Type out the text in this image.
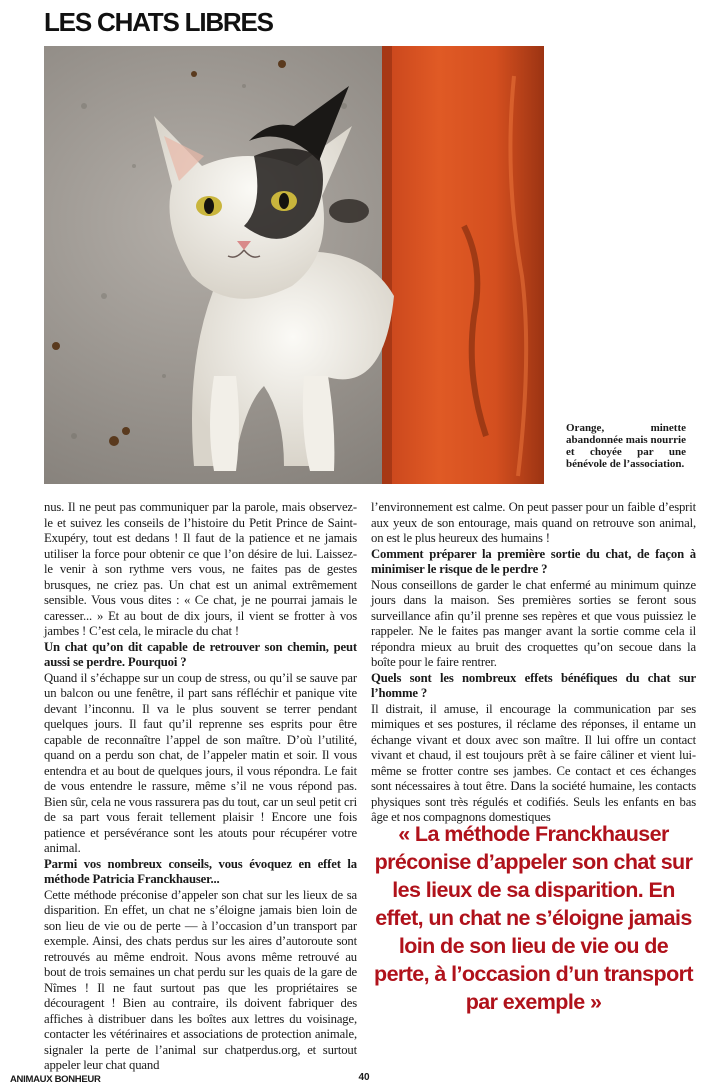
LES CHATS LIBRES

Orange, minette abandonnée mais nourrie et choyée par une bénévole de l’association.

nus. Il ne peut pas communiquer par la parole, mais observez-le et suivez les conseils de l’histoire du Petit Prince de Saint-Exupéry, tout est dedans ! Il faut de la patience et ne jamais utiliser la force pour obtenir ce que l’on désire de lui. Laissez-le venir à son rythme vers vous, ne faites pas de gestes brusques, ne criez pas. Un chat est un animal extrêmement sensible. Vous vous dites : « Ce chat, je ne pourrai jamais le caresser... » Et au bout de dix jours, il vient se frotter à vos jambes ! C’est cela, le miracle du chat !

Un chat qu’on dit capable de retrouver son chemin, peut aussi se perdre. Pourquoi ?

Quand il s’échappe sur un coup de stress, ou qu’il se sauve par un balcon ou une fenêtre, il part sans réfléchir et panique vite devant l’inconnu. Il va le plus souvent se terrer pendant quelques jours. Il faut qu’il reprenne ses esprits pour être capable de reconnaître l’appel de son maître. D’où l’utilité, quand on a perdu son chat, de l’appeler matin et soir. Il vous entendra et au bout de quelques jours, il vous répondra. Le fait de vous entendre le rassure, même s’il ne vous répond pas. Bien sûr, cela ne vous rassurera pas du tout, car un seul petit cri de sa part vous ferait tellement plaisir ! Encore une fois patience et persévérance sont les atouts pour récupérer votre animal.

Parmi vos nombreux conseils, vous évoquez en effet la méthode Patricia Franckhauser...

Cette méthode préconise d’appeler son chat sur les lieux de sa disparition. En effet, un chat ne s’éloigne jamais bien loin de son lieu de vie ou de perte — à l’occasion d’un transport par exemple. Ainsi, des chats perdus sur les aires d’autoroute sont retrouvés au même endroit. Nous avons même retrouvé au bout de trois semaines un chat perdu sur les quais de la gare de Nîmes ! Il ne faut surtout pas que les propriétaires se découragent ! Bien au contraire, ils doivent fabriquer des affiches à distribuer dans les boîtes aux lettres du voisinage, contacter les vétérinaires et associations de protection animale, signaler la perte de l’animal sur chatperdus.org, et surtout appeler leur chat quand

l’environnement est calme. On peut passer pour un faible d’esprit aux yeux de son entourage, mais quand on retrouve son animal, on est le plus heureux des humains !

Comment préparer la première sortie du chat, de façon à minimiser le risque de le perdre ?

Nous conseillons de garder le chat enfermé au minimum quinze jours dans la maison. Ses premières sorties se feront sous surveillance afin qu’il prenne ses repères et que vous puissiez le rappeler. Ne le faites pas manger avant la sortie comme cela il répondra mieux au bruit des croquettes qu’on secoue dans la boîte pour le faire rentrer.

Quels sont les nombreux effets bénéfiques du chat sur l’homme ?

Il distrait, il amuse, il encourage la communication par ses mimiques et ses postures, il réclame des réponses, il entame un échange vivant et doux avec son maître. Il lui offre un contact vivant et chaud, il est toujours prêt à se faire câliner et vient lui-même se frotter contre ses jambes. Ce contact et ces échanges sont nécessaires à tout être. Dans la société humaine, les contacts physiques sont très régulés et codifiés. Seuls les enfants en bas âge et nos compagnons domestiques

« La méthode Franckhauser préconise d’appeler son chat sur les lieux de sa disparition. En effet, un chat ne s’éloigne jamais loin de son lieu de vie ou de perte, à l’occasion d’un transport par exemple »

ANIMAUX BONHEUR	40
